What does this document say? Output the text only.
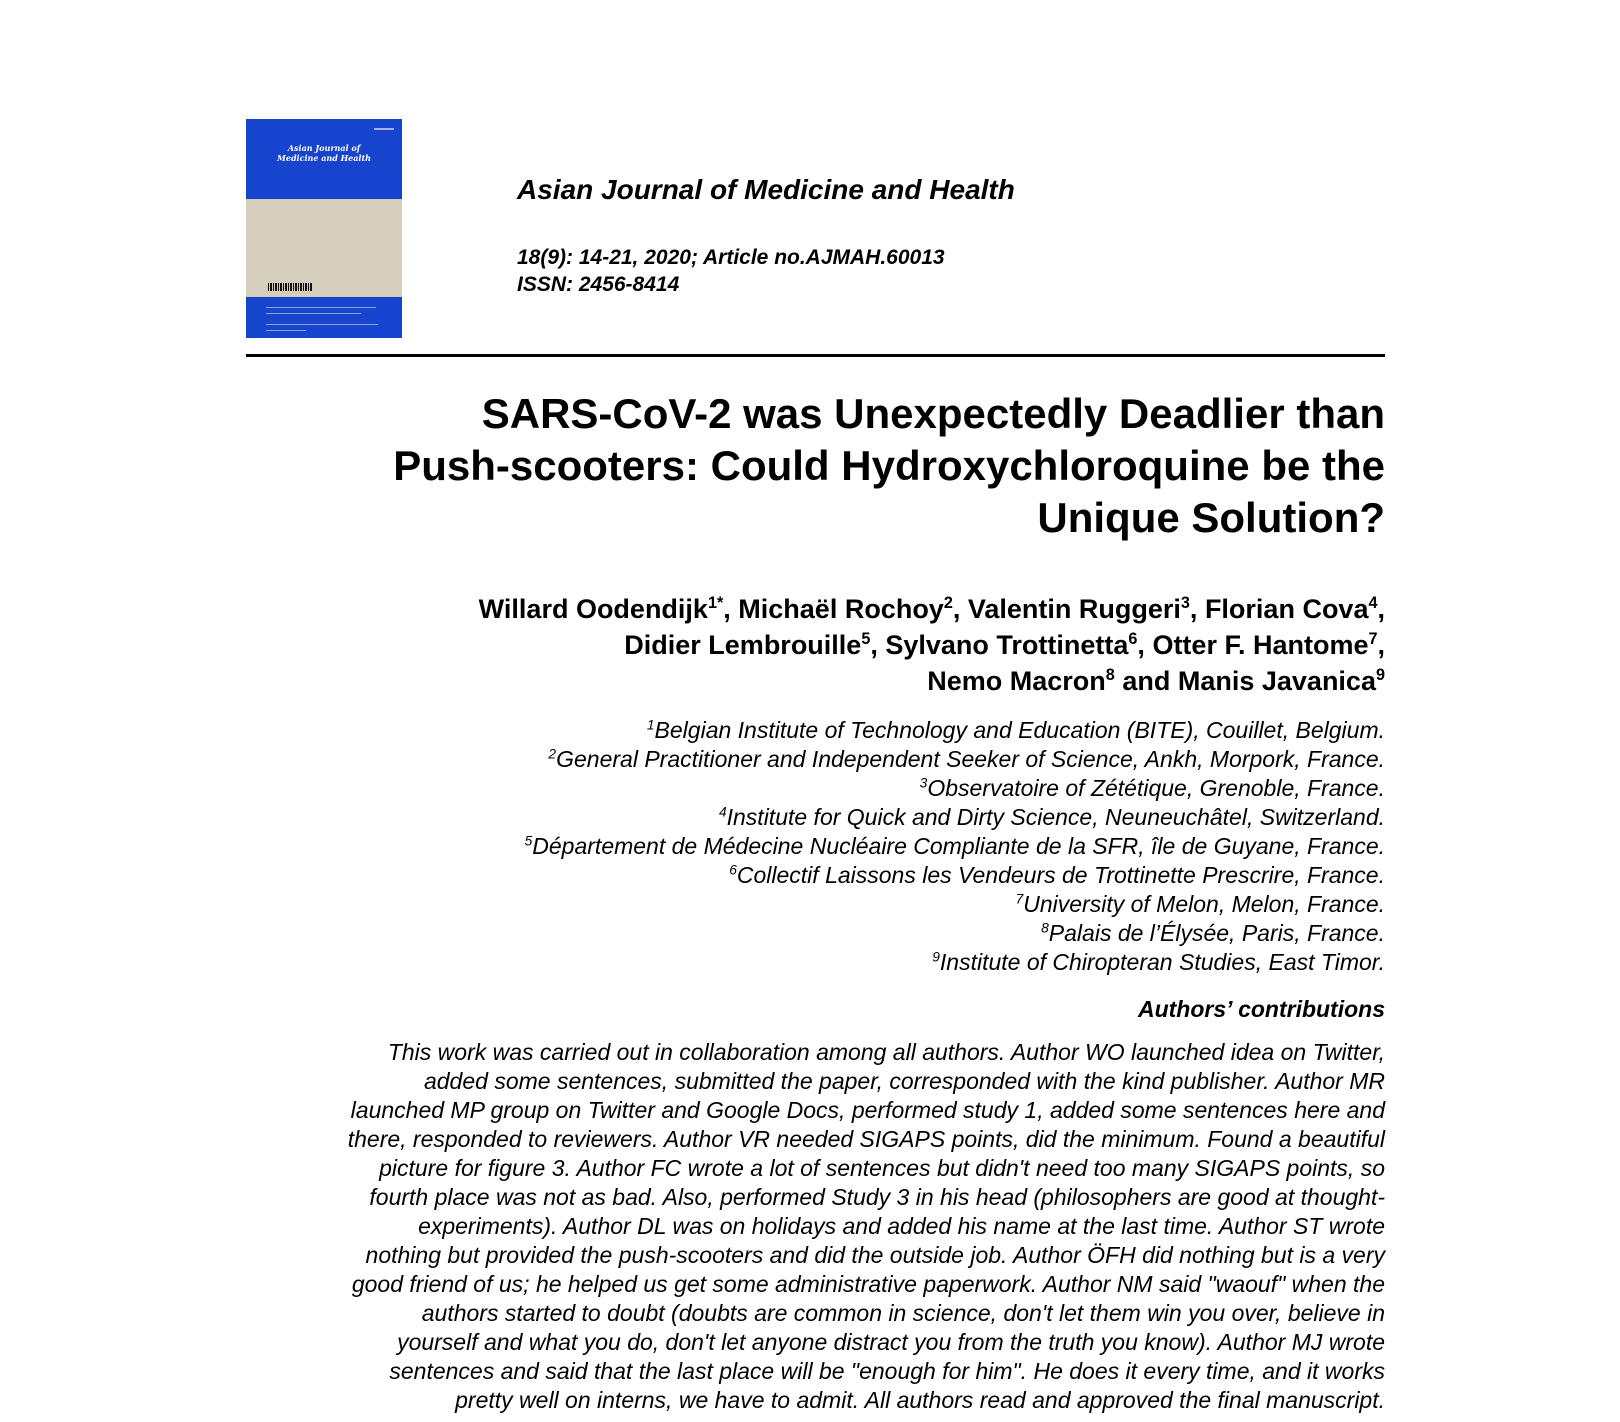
Asian Journal of Medicine and Health
Asian Journal of Medicine and Health
18(9): 14-21, 2020; Article no.AJMAH.60013
ISSN: 2456-8414
SARS-CoV-2 was Unexpectedly Deadlier than
Push-scooters: Could Hydroxychloroquine be the
Unique Solution?
Willard Oodendijk$^{1*}$, Michaël Rochoy$^2$, Valentin Ruggeri$^3$, Florian Cova$^4$,
Didier Lembrouille$^5$, Sylvano Trottinetta$^6$, Otter F. Hantome$^7$,
Nemo Macron$^8$ and Manis Javanica$^9$
$^1$Belgian Institute of Technology and Education (BITE), Couillet, Belgium.
$^2$General Practitioner and Independent Seeker of Science, Ankh, Morpork, France.
$^3$Observatoire of Zététique, Grenoble, France.
$^4$Institute for Quick and Dirty Science, Neuneuchâtel, Switzerland.
$^5$Département de Médecine Nucléaire Compliante de la SFR, île de Guyane, France.
$^6$Collectif Laissons les Vendeurs de Trottinette Prescrire, France.
$^7$University of Melon, Melon, France.
$^8$Palais de l’Élysée, Paris, France.
$^9$Institute of Chiropteran Studies, East Timor.
Authors’ contributions
This work was carried out in collaboration among all authors. Author WO launched idea on Twitter,
added some sentences, submitted the paper, corresponded with the kind publisher. Author MR
launched MP group on Twitter and Google Docs, performed study 1, added some sentences here and
there, responded to reviewers. Author VR needed SIGAPS points, did the minimum. Found a beautiful
picture for figure 3. Author FC wrote a lot of sentences but didn't need too many SIGAPS points, so
fourth place was not as bad. Also, performed Study 3 in his head (philosophers are good at thought-
experiments). Author DL was on holidays and added his name at the last time. Author ST wrote
nothing but provided the push-scooters and did the outside job. Author ÖFH did nothing but is a very
good friend of us; he helped us get some administrative paperwork. Author NM said "waouf" when the
authors started to doubt (doubts are common in science, don't let them win you over, believe in
yourself and what you do, don't let anyone distract you from the truth you know). Author MJ wrote
sentences and said that the last place will be "enough for him". He does it every time, and it works
pretty well on interns, we have to admit. All authors read and approved the final manuscript.
